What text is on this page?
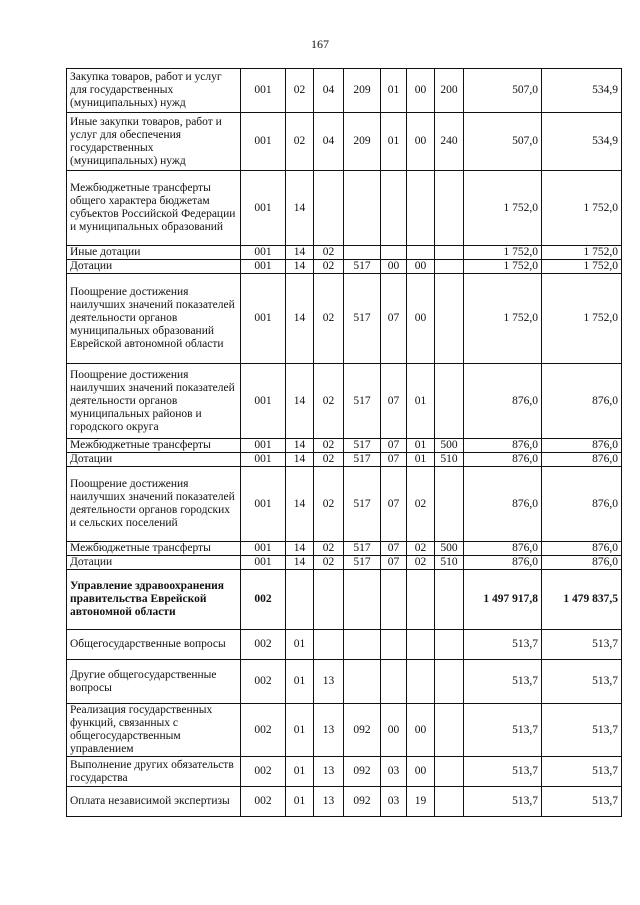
167
Закупка товаров, работ и услуг для государственных (муниципальных) нужд	001	02	04	209	01	00	200	507,0	534,9
Иные закупки товаров, работ и услуг для обеспечения государственных (муниципальных) нужд	001	02	04	209	01	00	240	507,0	534,9
Межбюджетные трансферты общего характера бюджетам субъектов Российской Федерации и муниципальных образований	001	14						1 752,0	1 752,0
Иные дотации	001	14	02					1 752,0	1 752,0
Дотации	001	14	02	517	00	00		1 752,0	1 752,0
Поощрение достижения наилучших значений показателей деятельности органов муниципальных образований Еврейской автономной области	001	14	02	517	07	00		1 752,0	1 752,0
Поощрение достижения наилучших значений показателей деятельности органов муниципальных районов и городского округа	001	14	02	517	07	01		876,0	876,0
Межбюджетные трансферты	001	14	02	517	07	01	500	876,0	876,0
Дотации	001	14	02	517	07	01	510	876,0	876,0
Поощрение достижения наилучших значений показателей деятельности органов городских и сельских поселений	001	14	02	517	07	02		876,0	876,0
Межбюджетные трансферты	001	14	02	517	07	02	500	876,0	876,0
Дотации	001	14	02	517	07	02	510	876,0	876,0
Управление здравоохранения правительства Еврейской автономной области	002							1 497 917,8	1 479 837,5
Общегосударственные вопросы	002	01						513,7	513,7
Другие общегосударственные вопросы	002	01	13					513,7	513,7
Реализация государственных функций, связанных с общегосударственным управлением	002	01	13	092	00	00		513,7	513,7
Выполнение других обязательств государства	002	01	13	092	03	00		513,7	513,7
Оплата независимой экспертизы	002	01	13	092	03	19		513,7	513,7
